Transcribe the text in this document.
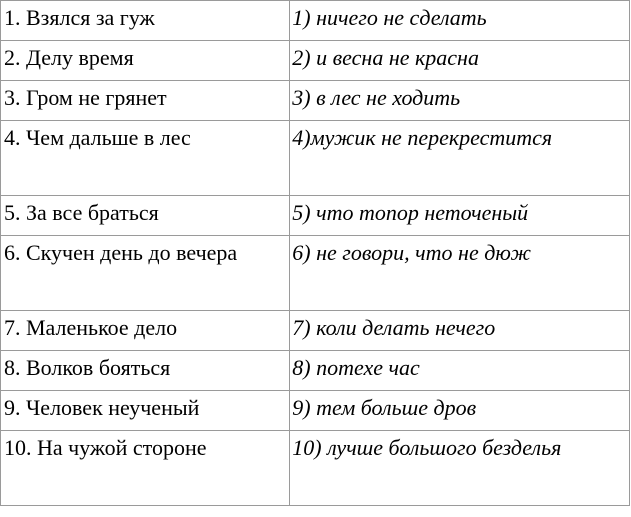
1. Взялся за гуж	1) ничего не сделать
2. Делу время	2) и весна не красна
3. Гром не грянет	3) в лес не ходить
4. Чем дальше в лес	4)мужик не перекрестится
5. За все браться	5) что топор неточеный
6. Скучен день до вечера	6) не говори, что не дюж
7. Маленькое дело	7) коли делать нечего
8. Волков бояться	8) потехе час
9. Человек неученый	9) тем больше дров
10. На чужой стороне	10) лучше большого безделья
